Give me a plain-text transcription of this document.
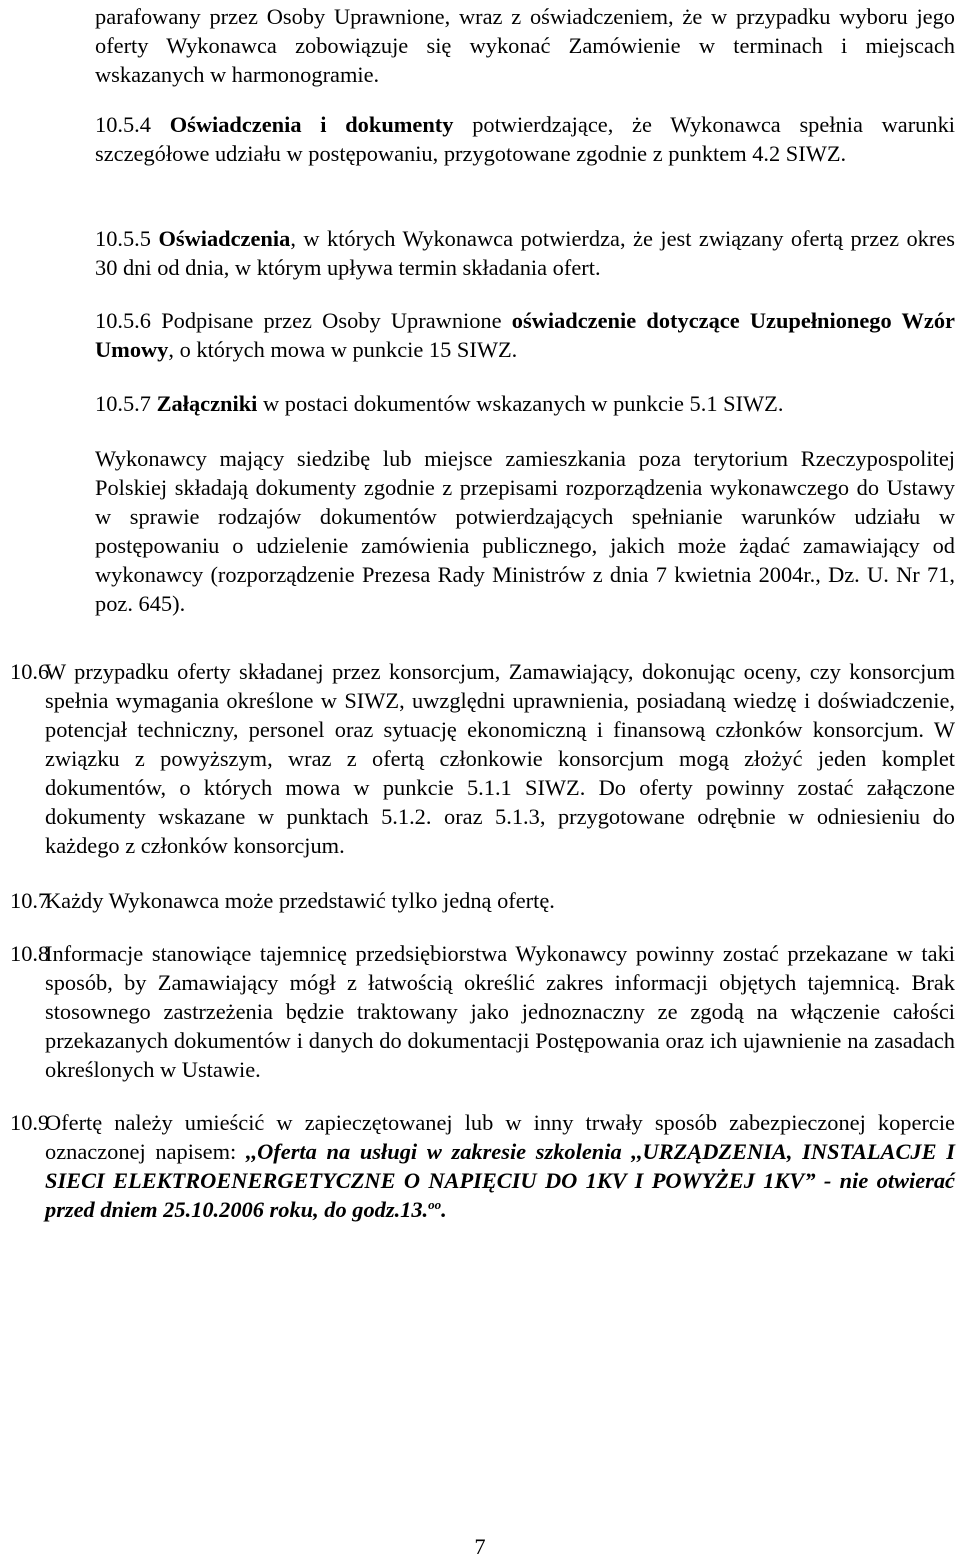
parafowany przez Osoby Uprawnione, wraz z oświadczeniem, że w przypadku wyboru jego oferty Wykonawca zobowiązuje się wykonać Zamówienie w terminach i miejscach wskazanych w harmonogramie.
10.5.4 Oświadczenia i dokumenty potwierdzające, że Wykonawca spełnia warunki szczegółowe udziału w postępowaniu, przygotowane zgodnie z punktem 4.2 SIWZ.
10.5.5 Oświadczenia, w których Wykonawca potwierdza, że jest związany ofertą przez okres 30 dni od dnia, w którym upływa termin składania ofert.
10.5.6 Podpisane przez Osoby Uprawnione oświadczenie dotyczące Uzupełnionego Wzór Umowy, o których mowa w punkcie 15 SIWZ.
10.5.7 Załączniki w postaci dokumentów wskazanych w punkcie 5.1 SIWZ.
Wykonawcy mający siedzibę lub miejsce zamieszkania poza terytorium Rzeczypospolitej Polskiej składają dokumenty zgodnie z przepisami rozporządzenia wykonawczego do Ustawy w sprawie rodzajów dokumentów potwierdzających spełnianie warunków udziału w postępowaniu o udzielenie zamówienia publicznego, jakich może żądać zamawiający od wykonawcy (rozporządzenie Prezesa Rady Ministrów z dnia 7 kwietnia 2004r., Dz. U. Nr 71, poz. 645).
10.6
W przypadku oferty składanej przez konsorcjum, Zamawiający, dokonując oceny, czy konsorcjum spełnia wymagania określone w SIWZ, uwzględni uprawnienia, posiadaną wiedzę i doświadczenie, potencjał techniczny, personel oraz sytuację ekonomiczną i finansową członków konsorcjum. W związku z powyższym, wraz z ofertą członkowie konsorcjum mogą złożyć jeden komplet dokumentów, o których mowa w punkcie 5.1.1 SIWZ. Do oferty powinny zostać załączone dokumenty wskazane w punktach 5.1.2. oraz 5.1.3, przygotowane odrębnie w odniesieniu do każdego z członków konsorcjum.
10.7
Każdy Wykonawca może przedstawić tylko jedną ofertę.
10.8
Informacje stanowiące tajemnicę przedsiębiorstwa Wykonawcy powinny zostać przekazane w taki sposób, by Zamawiający mógł z łatwością określić zakres informacji objętych tajemnicą. Brak stosownego zastrzeżenia będzie traktowany jako jednoznaczny ze zgodą na włączenie całości przekazanych dokumentów i danych do dokumentacji Postępowania oraz ich ujawnienie na zasadach określonych w Ustawie.
10.9
Ofertę należy umieścić w zapieczętowanej lub w inny trwały sposób zabezpieczonej kopercie oznaczonej napisem: ,,Oferta na usługi w zakresie szkolenia ,,URZĄDZENIA, INSTALACJE I SIECI ELEKTROENERGETYCZNE O NAPIĘCIU DO 1KV I POWYŻEJ 1KV” - nie otwierać przed dniem 25.10.2006 roku, do godz.13.$^{oo}$.
7
